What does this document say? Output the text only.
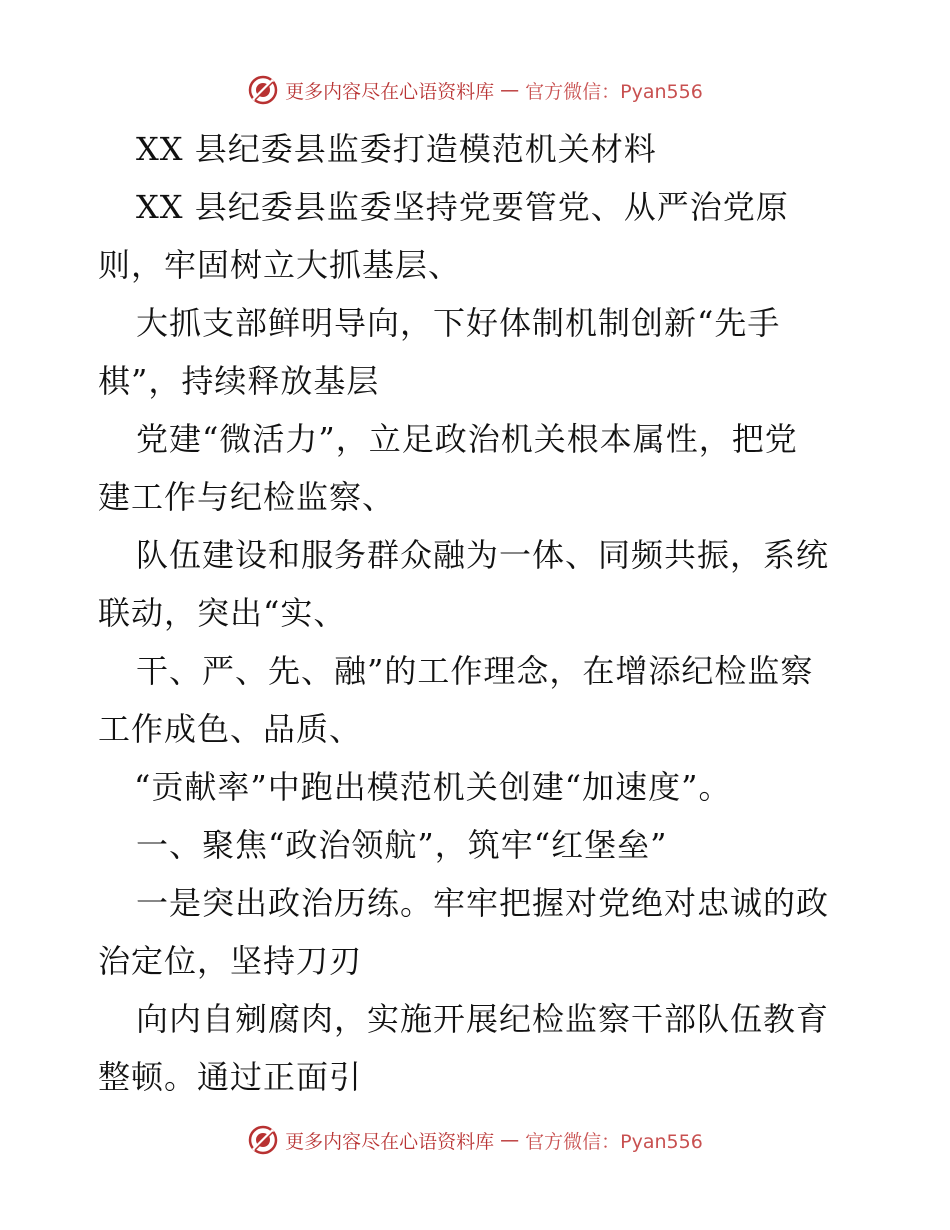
更多内容尽在心语资料库 — 官方微信：Pyan556
XX 县纪委县监委打造模范机关材料
XX 县纪委县监委坚持党要管党、从严治党原
则，牢固树立大抓基层、
大抓支部鲜明导向，下好体制机制创新“先手
棋”，持续释放基层
党建“微活力”，立足政治机关根本属性，把党
建工作与纪检监察、
队伍建设和服务群众融为一体、同频共振，系统
联动，突出“实、
干、严、先、融”的工作理念，在增添纪检监察
工作成色、品质、
“贡献率”中跑出模范机关创建“加速度”。
一、聚焦“政治领航”，筑牢“红堡垒”
一是突出政治历练。牢牢把握对党绝对忠诚的政
治定位，坚持刀刃
向内自剜腐肉，实施开展纪检监察干部队伍教育
整顿。通过正面引
更多内容尽在心语资料库 — 官方微信：Pyan556
